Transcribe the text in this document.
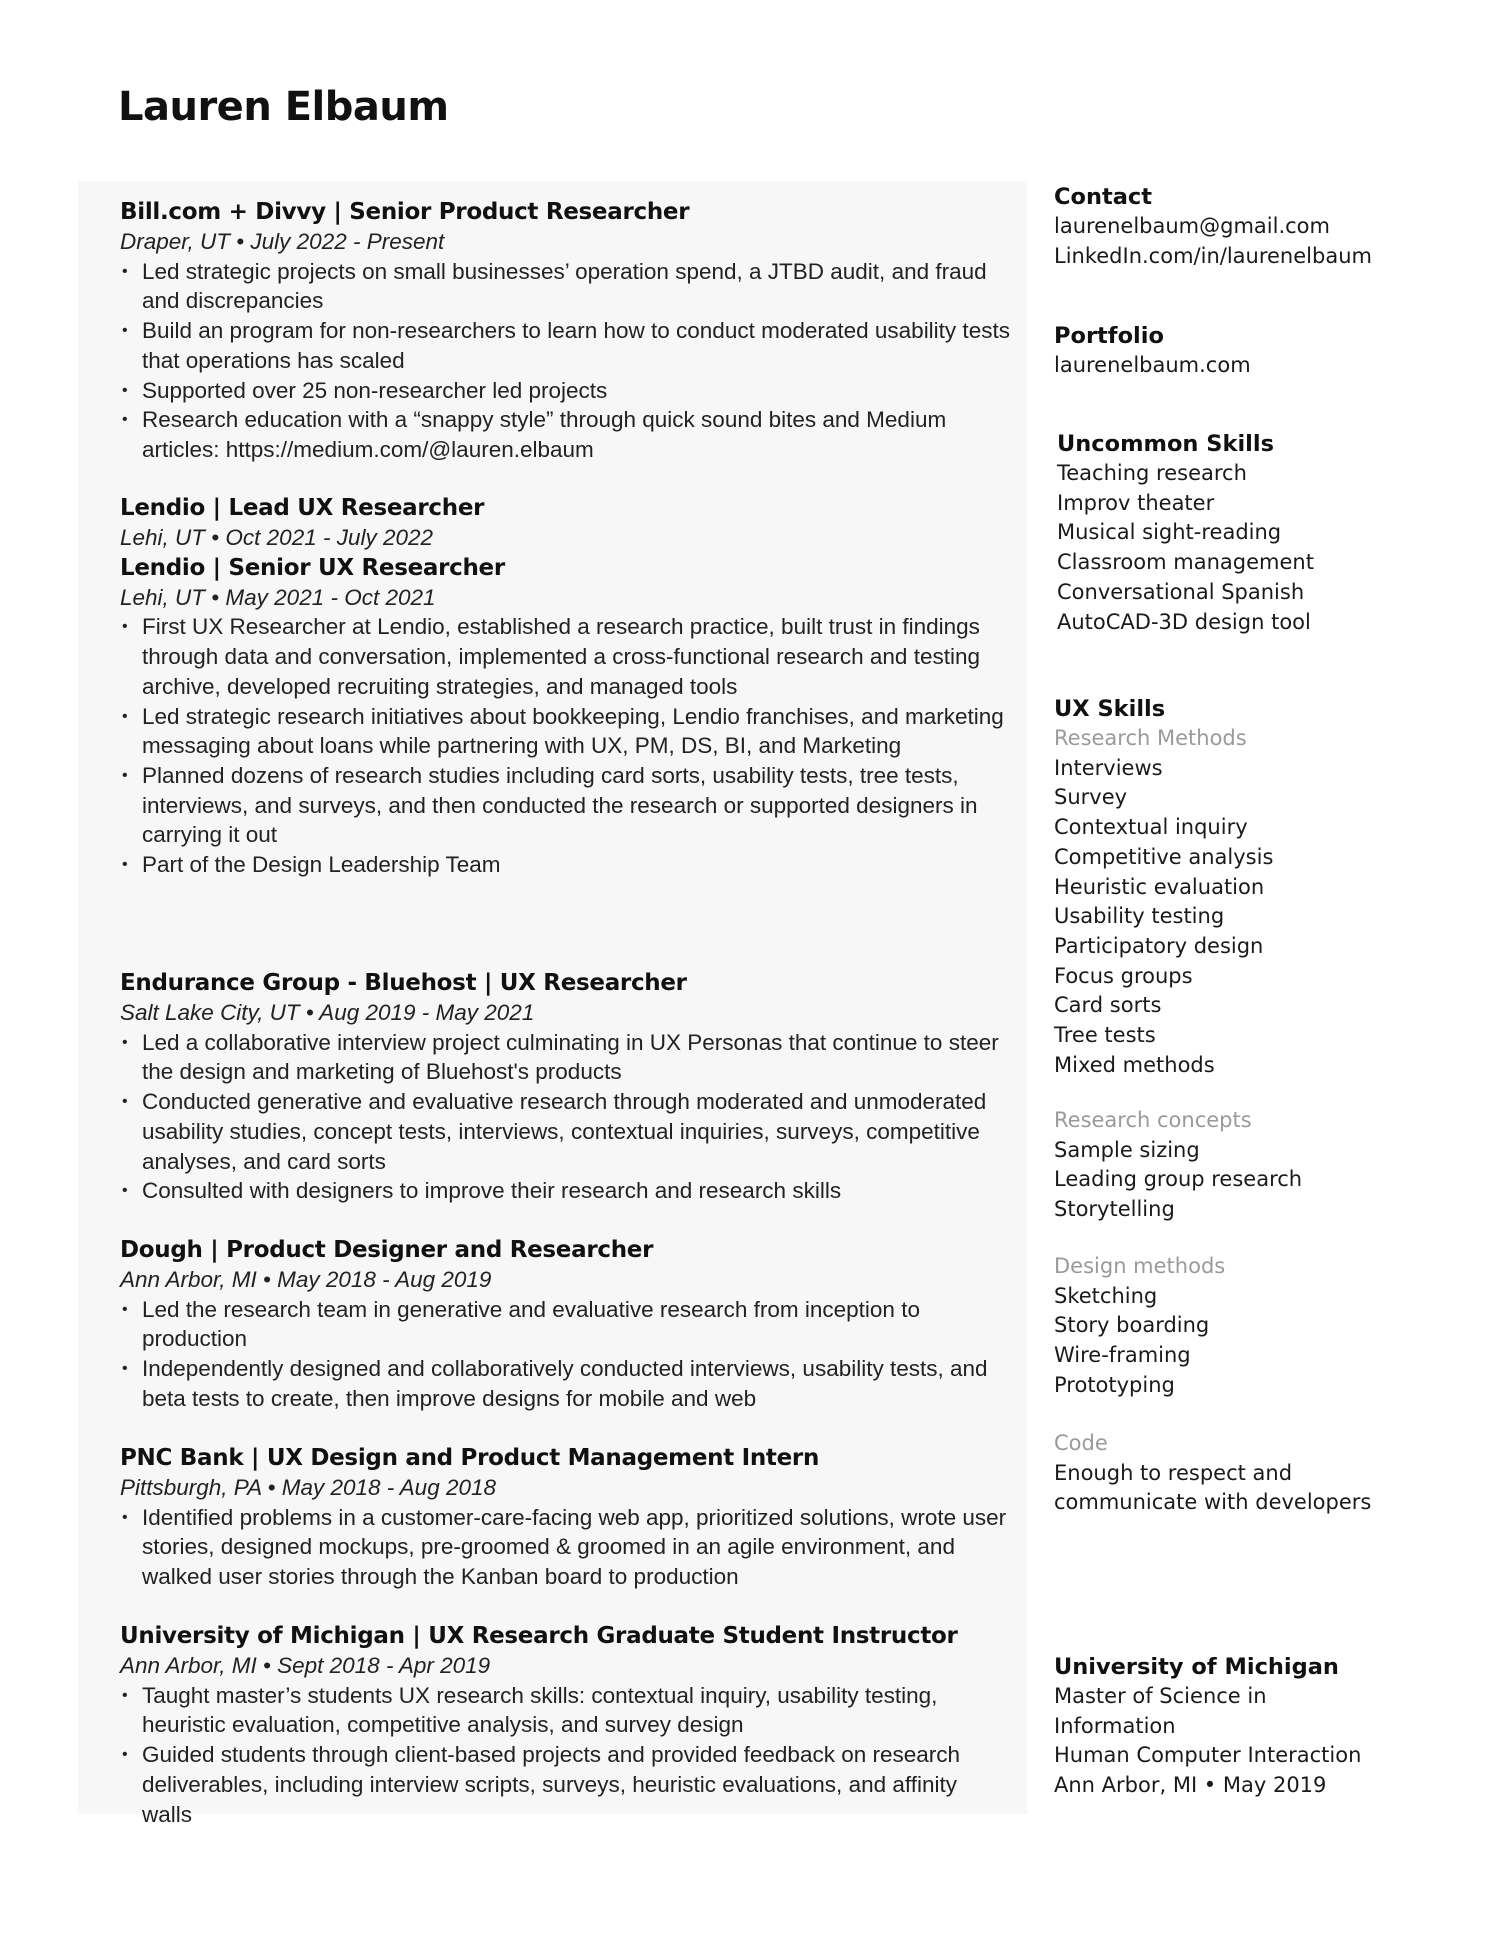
Lauren Elbaum

Bill.com + Divvy | Senior Product Researcher

Draper, UT • July 2022 - Present

• Led strategic projects on small businesses’ operation spend, a JTBD audit, and fraud and discrepancies
• Build an program for non-researchers to learn how to conduct moderated usability tests that operations has scaled
• Supported over 25 non-researcher led projects
• Research education with a “snappy style” through quick sound bites and Medium articles: https://medium.com/@lauren.elbaum

Lendio | Lead UX Researcher

Lehi, UT • Oct 2021 - July 2022

Lendio | Senior UX Researcher

Lehi, UT • May 2021 - Oct 2021

• First UX Researcher at Lendio, established a research practice, built trust in findings through data and conversation, implemented a cross-functional research and testing archive, developed recruiting strategies, and managed tools
• Led strategic research initiatives about bookkeeping, Lendio franchises, and marketing messaging about loans while partnering with UX, PM, DS, BI, and Marketing
• Planned dozens of research studies including card sorts, usability tests, tree tests, interviews, and surveys, and then conducted the research or supported designers in carrying it out
• Part of the Design Leadership Team

Endurance Group - Bluehost | UX Researcher

Salt Lake City, UT • Aug 2019 - May 2021

• Led a collaborative interview project culminating in UX Personas that continue to steer the design and marketing of Bluehost's products
• Conducted generative and evaluative research through moderated and unmoderated usability studies, concept tests, interviews, contextual inquiries, surveys, competitive analyses, and card sorts
• Consulted with designers to improve their research and research skills

Dough | Product Designer and Researcher

Ann Arbor, MI • May 2018 - Aug 2019

• Led the research team in generative and evaluative research from inception to production
• Independently designed and collaboratively conducted interviews, usability tests, and beta tests to create, then improve designs for mobile and web

PNC Bank | UX Design and Product Management Intern

Pittsburgh, PA • May 2018 - Aug 2018

• Identified problems in a customer-care-facing web app, prioritized solutions, wrote user stories, designed mockups, pre-groomed & groomed in an agile environment, and walked user stories through the Kanban board to production

University of Michigan | UX Research Graduate Student Instructor

Ann Arbor, MI • Sept 2018 - Apr 2019

• Taught master’s students UX research skills: contextual inquiry, usability testing, heuristic evaluation, competitive analysis, and survey design
• Guided students through client-based projects and provided feedback on research deliverables, including interview scripts, surveys, heuristic evaluations, and affinity walls

Contact

laurenelbaum@gmail.com

LinkedIn.com/in/laurenelbaum

Portfolio

laurenelbaum.com

Uncommon Skills

Teaching research

Improv theater

Musical sight-reading

Classroom management

Conversational Spanish

AutoCAD-3D design tool

UX Skills

Research Methods

Interviews

Survey

Contextual inquiry

Competitive analysis

Heuristic evaluation

Usability testing

Participatory design

Focus groups

Card sorts

Tree tests

Mixed methods

Research concepts

Sample sizing

Leading group research

Storytelling

Design methods

Sketching

Story boarding

Wire-framing

Prototyping

Code

Enough to respect and

communicate with developers

University of Michigan

Master of Science in

Information

Human Computer Interaction

Ann Arbor, MI • May 2019
